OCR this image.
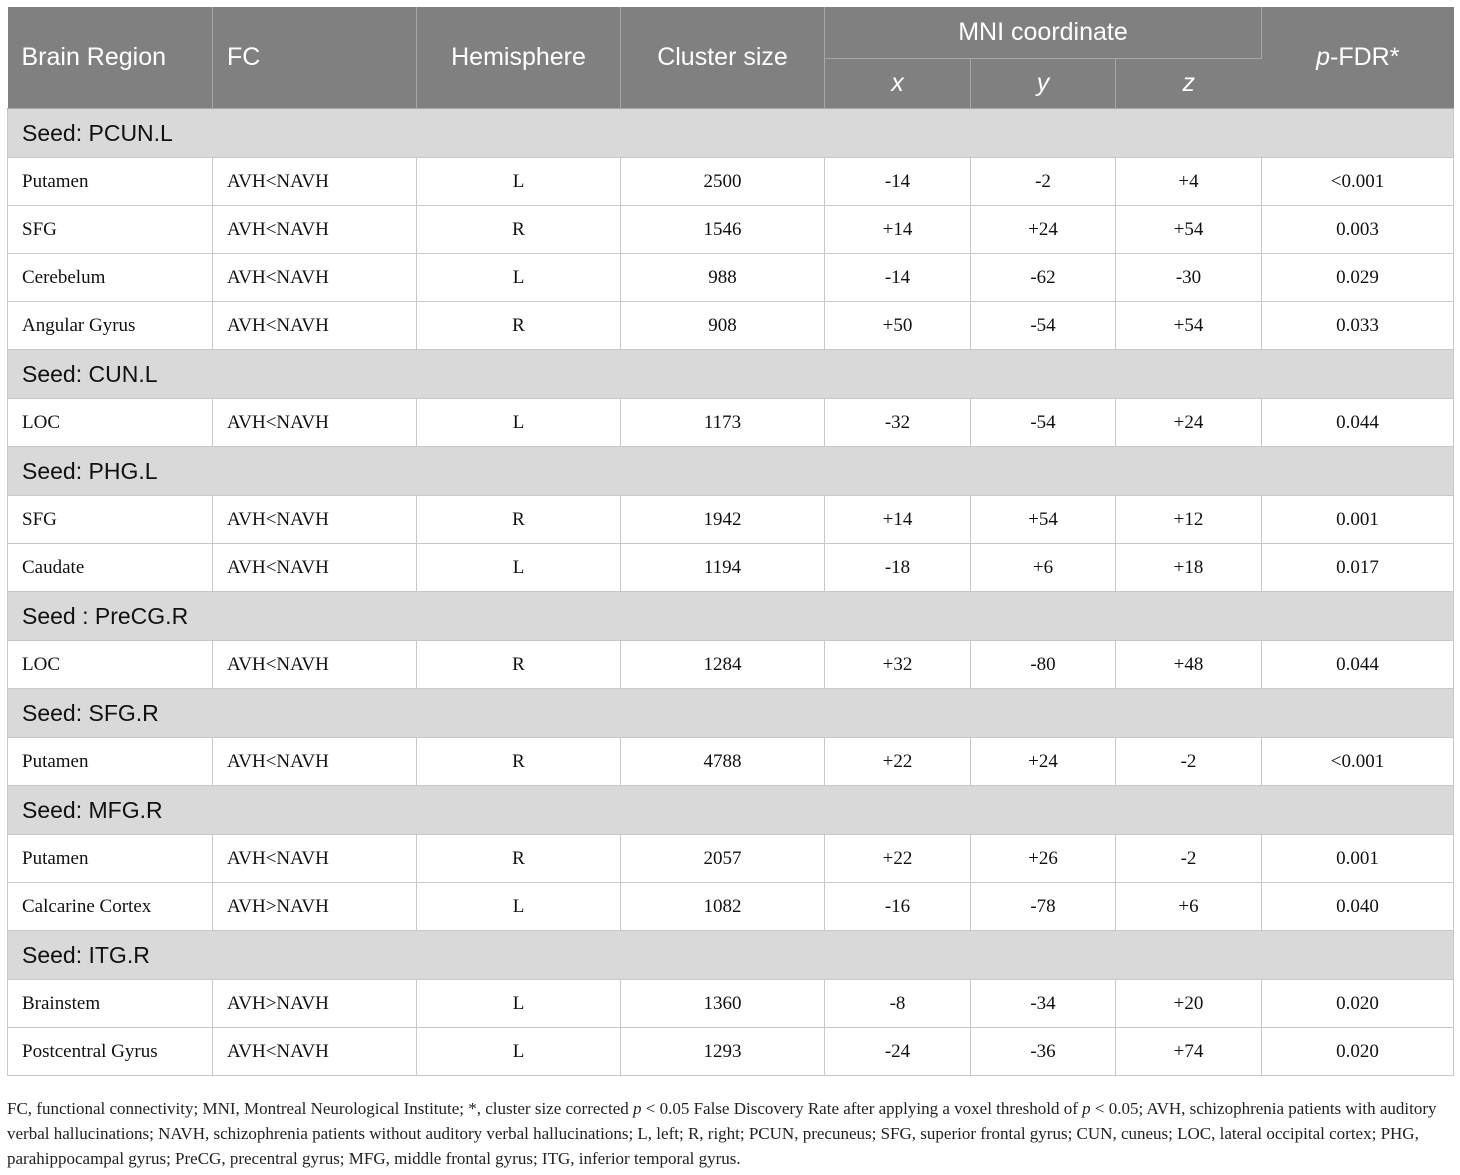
Brain Region	FC	Hemisphere	Cluster size	MNI coordinate			p-FDR*
				x	y	z	
Seed: PCUN.L							
Putamen	AVH<NAVH	L	2500	-14	-2	+4	<0.001
SFG	AVH<NAVH	R	1546	+14	+24	+54	0.003
Cerebelum	AVH<NAVH	L	988	-14	-62	-30	0.029
Angular Gyrus	AVH<NAVH	R	908	+50	-54	+54	0.033
Seed: CUN.L							
LOC	AVH<NAVH	L	1173	-32	-54	+24	0.044
Seed: PHG.L							
SFG	AVH<NAVH	R	1942	+14	+54	+12	0.001
Caudate	AVH<NAVH	L	1194	-18	+6	+18	0.017
Seed : PreCG.R							
LOC	AVH<NAVH	R	1284	+32	-80	+48	0.044
Seed: SFG.R							
Putamen	AVH<NAVH	R	4788	+22	+24	-2	<0.001
Seed: MFG.R							
Putamen	AVH<NAVH	R	2057	+22	+26	-2	0.001
Calcarine Cortex	AVH>NAVH	L	1082	-16	-78	+6	0.040
Seed: ITG.R							
Brainstem	AVH>NAVH	L	1360	-8	-34	+20	0.020
Postcentral Gyrus	AVH<NAVH	L	1293	-24	-36	+74	0.020
FC, functional connectivity; MNI, Montreal Neurological Institute; *, cluster size corrected p < 0.05 False Discovery Rate after applying a voxel threshold of p < 0.05; AVH, schizophrenia patients with auditory verbal hallucinations; NAVH, schizophrenia patients without auditory verbal hallucinations; L, left; R, right; PCUN, precuneus; SFG, superior frontal gyrus; CUN, cuneus; LOC, lateral occipital cortex; PHG, parahippocampal gyrus; PreCG, precentral gyrus; MFG, middle frontal gyrus; ITG, inferior temporal gyrus.
